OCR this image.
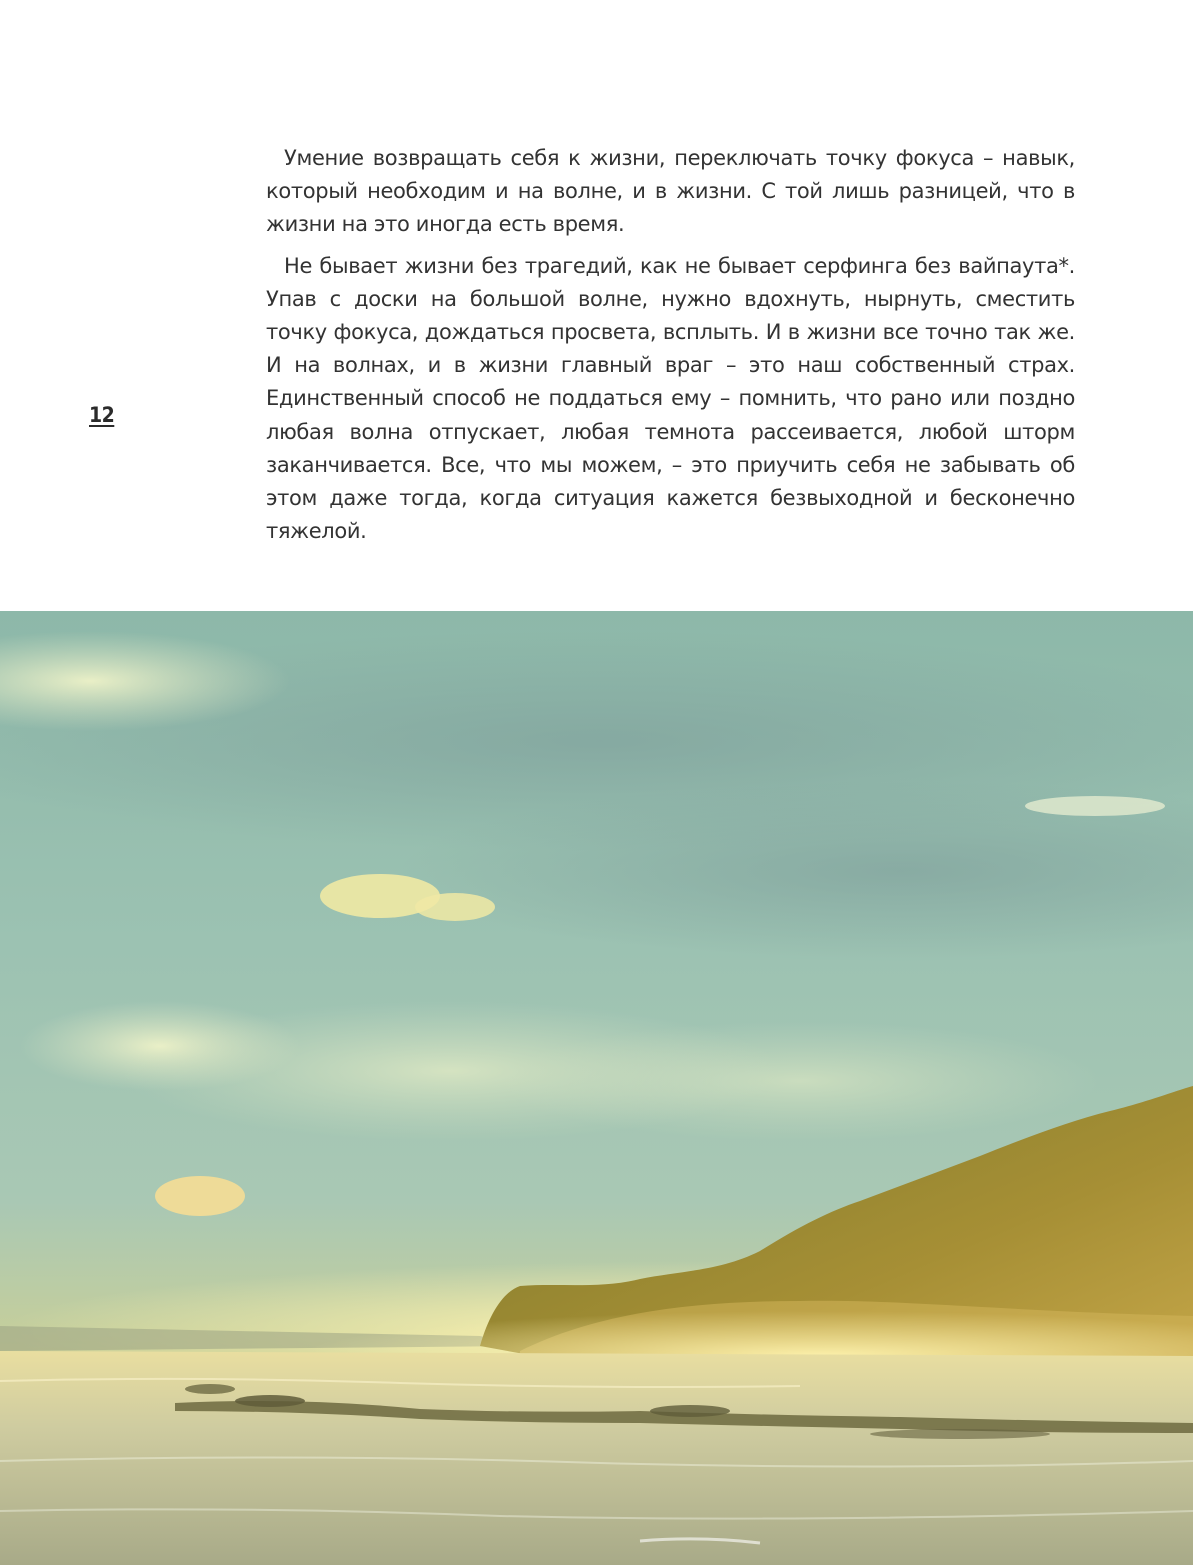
12

Умение возвращать себя к жизни, переключать точку фокуса – навык, который необходим и на волне, и в жизни. С той лишь разницей, что в жизни на это иногда есть время.

Не бывает жизни без трагедий, как не бывает серфинга без вайпаута*. Упав с доски на большой волне, нужно вдохнуть, нырнуть, сместить точку фокуса, дождаться просвета, всплыть. И в жизни все точно так же. И на волнах, и в жизни главный враг – это наш собственный страх. Единственный способ не поддаться ему – помнить, что рано или поздно любая волна отпускает, любая темнота рассеивается, любой шторм заканчивается. Все, что мы можем, – это приучить себя не забывать об этом даже тогда, когда ситуация кажется безвыходной и бесконечно тяжелой.
